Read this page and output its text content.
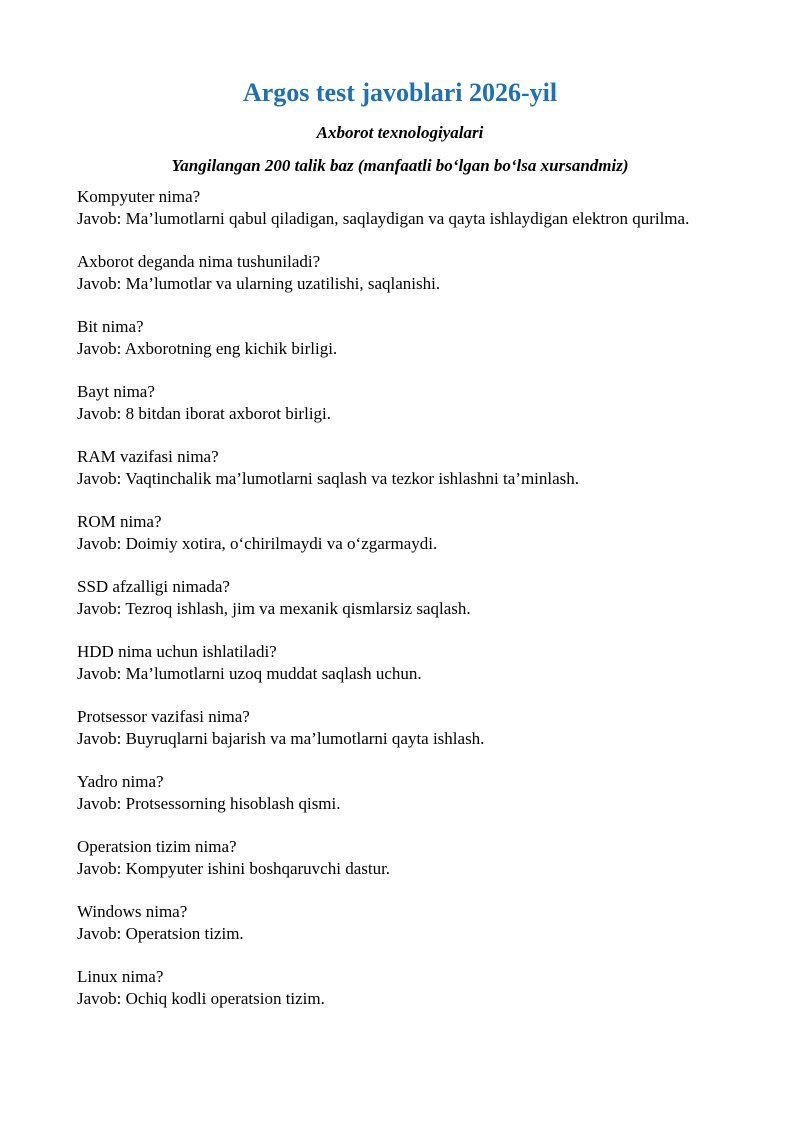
Argos test javoblari 2026-yil

Axborot texnologiyalari

Yangilangan 200 talik baz (manfaatli bo‘lgan bo‘lsa xursandmiz)

Kompyuter nima?

Javob: Ma’lumotlarni qabul qiladigan, saqlaydigan va qayta ishlaydigan elektron qurilma.

Axborot deganda nima tushuniladi?

Javob: Ma’lumotlar va ularning uzatilishi, saqlanishi.

Bit nima?

Javob: Axborotning eng kichik birligi.

Bayt nima?

Javob: 8 bitdan iborat axborot birligi.

RAM vazifasi nima?

Javob: Vaqtinchalik ma’lumotlarni saqlash va tezkor ishlashni ta’minlash.

ROM nima?

Javob: Doimiy xotira, o‘chirilmaydi va o‘zgarmaydi.

SSD afzalligi nimada?

Javob: Tezroq ishlash, jim va mexanik qismlarsiz saqlash.

HDD nima uchun ishlatiladi?

Javob: Ma’lumotlarni uzoq muddat saqlash uchun.

Protsessor vazifasi nima?

Javob: Buyruqlarni bajarish va ma’lumotlarni qayta ishlash.

Yadro nima?

Javob: Protsessorning hisoblash qismi.

Operatsion tizim nima?

Javob: Kompyuter ishini boshqaruvchi dastur.

Windows nima?

Javob: Operatsion tizim.

Linux nima?

Javob: Ochiq kodli operatsion tizim.
